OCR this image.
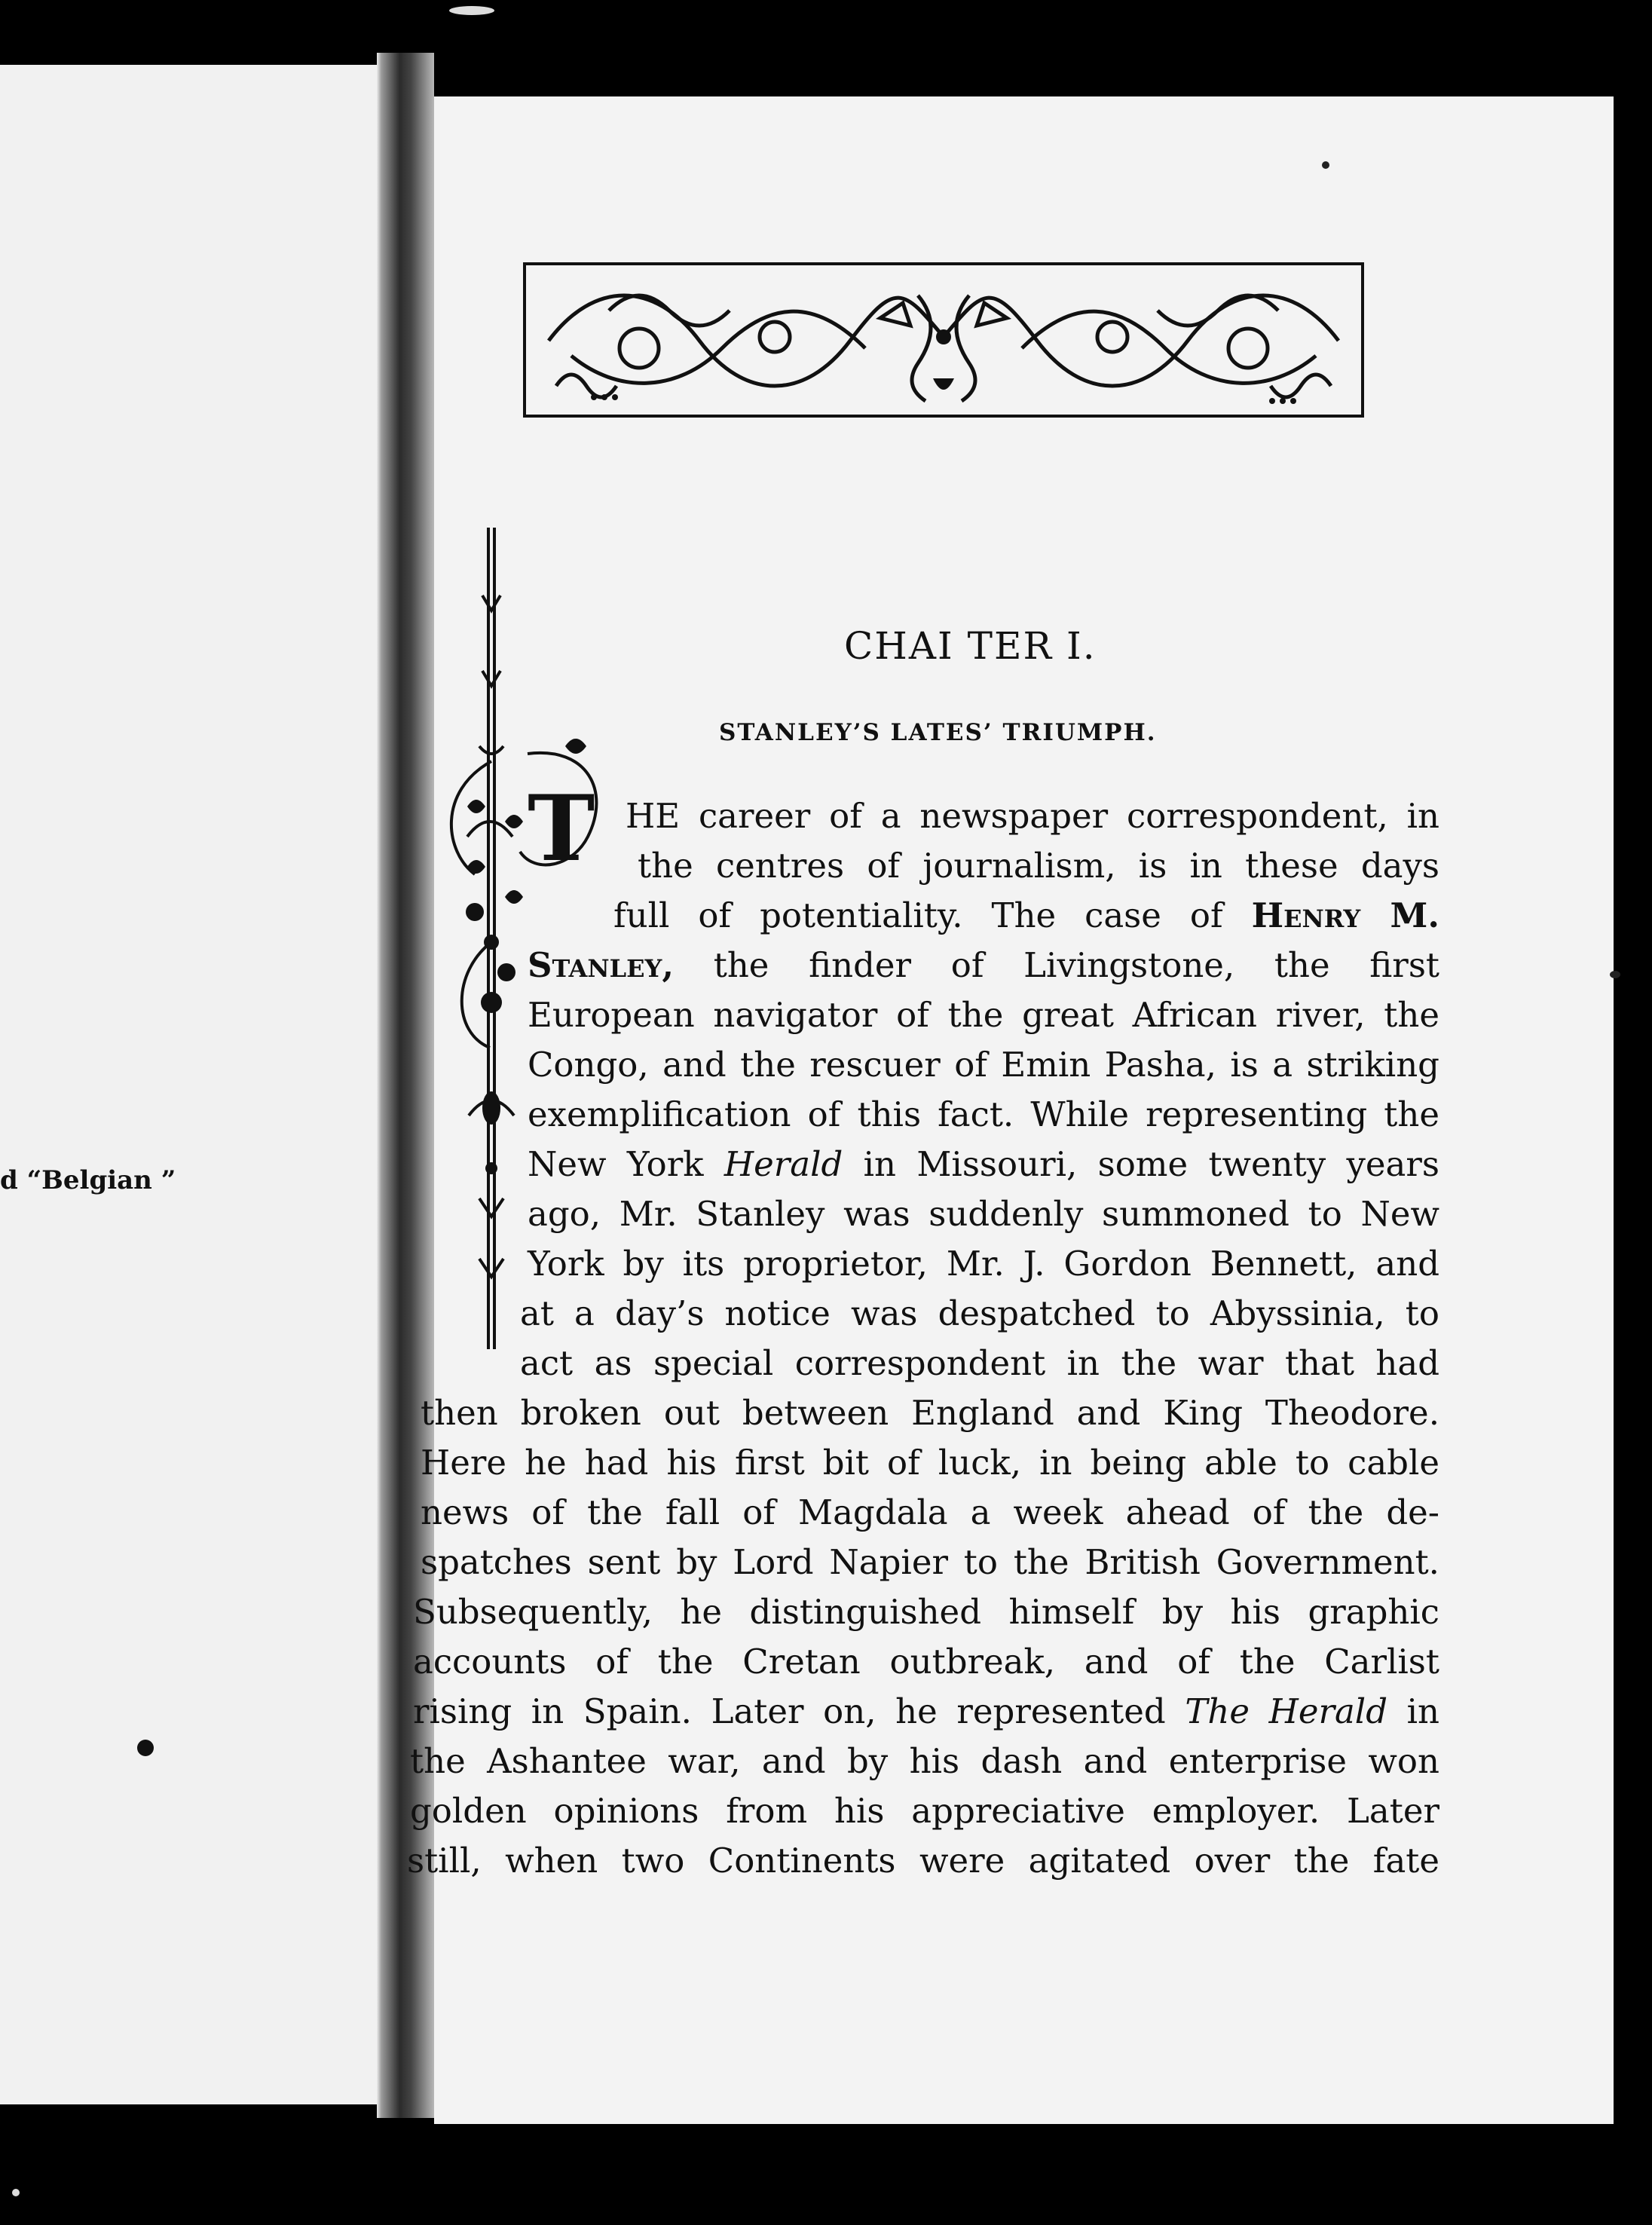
d “Belgian ”
CHAI TER I.
STANLEY’S LATES’ TRIUMPH.
T HE career of a newspaper correspondent, in
the centres of journalism, is in these days
full of potentiality. The case of Henry M.
Stanley, the finder of Livingstone, the first
European navigator of the great African river, the
Congo, and the rescuer of Emin Pasha, is a striking
exemplification of this fact. While representing the
New York Herald in Missouri, some twenty years
ago, Mr. Stanley was suddenly summoned to New
York by its proprietor, Mr. J. Gordon Bennett, and
at a day’s notice was despatched to Abyssinia, to
act as special correspondent in the war that had
then broken out between England and King Theodore.
Here he had his first bit of luck, in being able to cable
news of the fall of Magdala a week ahead of the de-
spatches sent by Lord Napier to the British Government.
Subsequently, he distinguished himself by his graphic
accounts of the Cretan outbreak, and of the Carlist
rising in Spain. Later on, he represented The Herald in
the Ashantee war, and by his dash and enterprise won
golden opinions from his appreciative employer. Later
still, when two Continents were agitated over the fate
